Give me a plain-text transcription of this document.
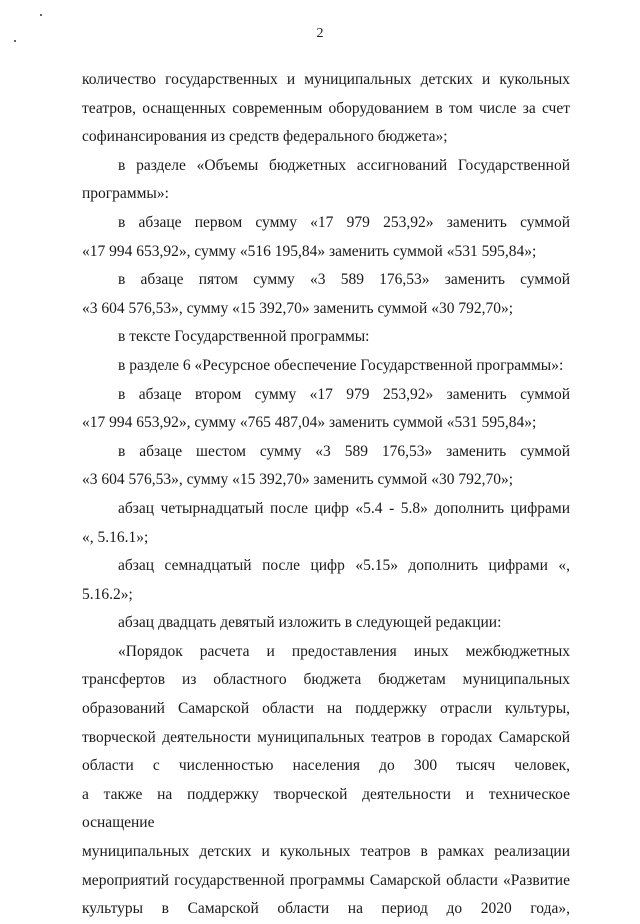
2
количество государственных и муниципальных детских и кукольных
театров, оснащенных современным оборудованием в том числе за счет
софинансирования из средств федерального бюджета»;
в разделе «Объемы бюджетных ассигнований Государственной
программы»:
в абзаце первом сумму «17 979 253,92» заменить суммой
«17 994 653,92», сумму «516 195,84» заменить суммой «531 595,84»;
в абзаце пятом сумму «3 589 176,53» заменить суммой
«3 604 576,53», сумму «15 392,70» заменить суммой «30 792,70»;
в тексте Государственной программы:
в разделе 6 «Ресурсное обеспечение Государственной программы»:
в абзаце втором сумму «17 979 253,92» заменить суммой
«17 994 653,92», сумму «765 487,04» заменить суммой «531 595,84»;
в абзаце шестом сумму «3 589 176,53» заменить суммой
«3 604 576,53», сумму «15 392,70» заменить суммой «30 792,70»;
абзац четырнадцатый после цифр «5.4 - 5.8» дополнить цифрами
«, 5.16.1»;
абзац семнадцатый после цифр «5.15» дополнить цифрами «, 5.16.2»;
абзац двадцать девятый изложить в следующей редакции:
«Порядок расчета и предоставления иных межбюджетных
трансфертов из областного бюджета бюджетам муниципальных
образований Самарской области на поддержку отрасли культуры,
творческой деятельности муниципальных театров в городах Самарской
области с численностью населения до 300 тысяч человек,
а также на поддержку творческой деятельности и техническое оснащение
муниципальных детских и кукольных театров в рамках реализации
мероприятий государственной программы Самарской области «Развитие
культуры в Самарской области на период до 2020 года»,
